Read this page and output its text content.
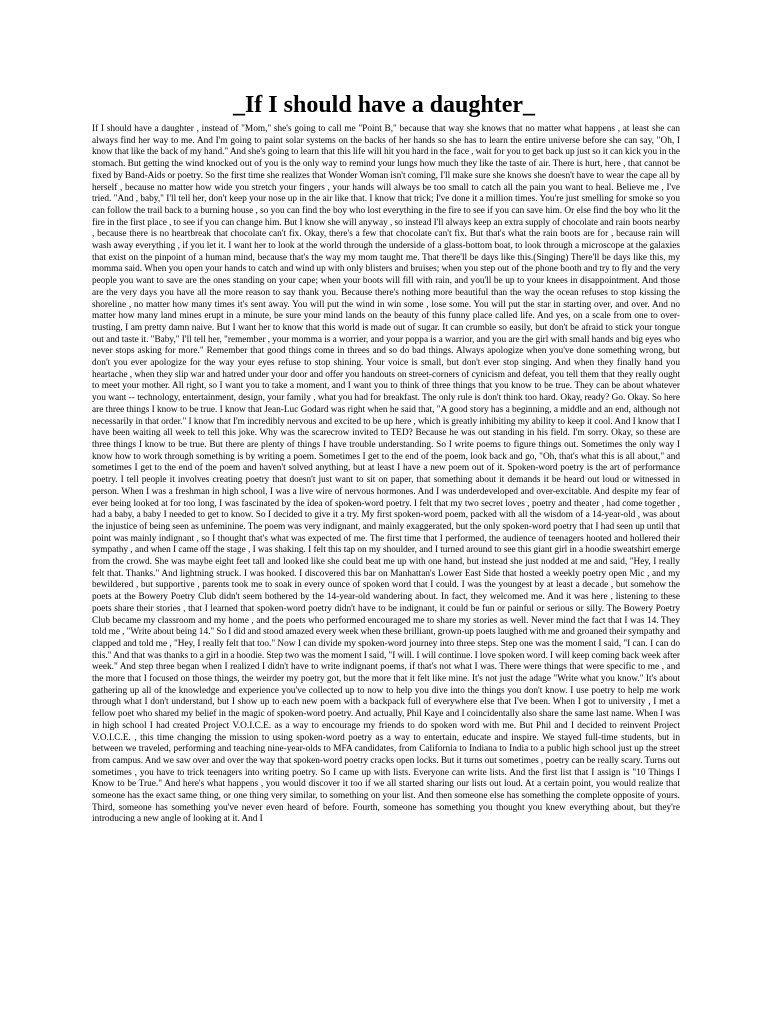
_If I should have a daughter_
If I should have a daughter , instead of "Mom," she's going to call me "Point B," because that way she knows that no matter what happens , at least she can always find her way to me. And I'm going to paint solar systems on the backs of her hands so she has to learn the entire universe before she can say, "Oh, I know that like the back of my hand." And she's going to learn that this life will hit you hard in the face , wait for you to get back up just so it can kick you in the stomach. But getting the wind knocked out of you is the only way to remind your lungs how much they like the taste of air. There is hurt, here , that cannot be fixed by Band-Aids or poetry. So the first time she realizes that Wonder Woman isn't coming, I'll make sure she knows she doesn't have to wear the cape all by herself , because no matter how wide you stretch your fingers , your hands will always be too small to catch all the pain you want to heal. Believe me , I've tried. "And , baby," I'll tell her, don't keep your nose up in the air like that. I know that trick; I've done it a million times. You're just smelling for smoke so you can follow the trail back to a burning house , so you can find the boy who lost everything in the fire to see if you can save him. Or else find the boy who lit the fire in the first place , to see if you can change him. But I know she will anyway , so instead I'll always keep an extra supply of chocolate and rain boots nearby , because there is no heartbreak that chocolate can't fix. Okay, there's a few that chocolate can't fix. But that's what the rain boots are for , because rain will wash away everything , if you let it. I want her to look at the world through the underside of a glass-bottom boat, to look through a microscope at the galaxies that exist on the pinpoint of a human mind, because that's the way my mom taught me. That there'll be days like this.(Singing) There'll be days like this, my momma said. When you open your hands to catch and wind up with only blisters and bruises; when you step out of the phone booth and try to fly and the very people you want to save are the ones standing on your cape; when your boots will fill with rain, and you'll be up to your knees in disappointment. And those are the very days you have all the more reason to say thank you. Because there's nothing more beautiful than the way the ocean refuses to stop kissing the shoreline , no matter how many times it's sent away. You will put the wind in win some , lose some. You will put the star in starting over, and over. And no matter how many land mines erupt in a minute, be sure your mind lands on the beauty of this funny place called life. And yes, on a scale from one to over-trusting, I am pretty damn naive. But I want her to know that this world is made out of sugar. It can crumble so easily, but don't be afraid to stick your tongue out and taste it. "Baby," I'll tell her, "remember , your momma is a worrier, and your poppa is a warrior, and you are the girl with small hands and big eyes who never stops asking for more." Remember that good things come in threes and so do bad things. Always apologize when you've done something wrong, but don't you ever apologize for the way your eyes refuse to stop shining. Your voice is small, but don't ever stop singing. And when they finally hand you heartache , when they slip war and hatred under your door and offer you handouts on street-corners of cynicism and defeat, you tell them that they really ought to meet your mother. All right, so I want you to take a moment, and I want you to think of three things that you know to be true. They can be about whatever you want -- technology, entertainment, design, your family , what you had for breakfast. The only rule is don't think too hard. Okay, ready? Go. Okay. So here are three things I know to be true. I know that Jean-Luc Godard was right when he said that, "A good story has a beginning, a middle and an end, although not necessarily in that order." I know that I'm incredibly nervous and excited to be up here , which is greatly inhibiting my ability to keep it cool. And I know that I have been waiting all week to tell this joke. Why was the scarecrow invited to TED? Because he was out standing in his field. I'm sorry. Okay, so these are three things I know to be true. But there are plenty of things I have trouble understanding. So I write poems to figure things out. Sometimes the only way I know how to work through something is by writing a poem. Sometimes I get to the end of the poem, look back and go, "Oh, that's what this is all about," and sometimes I get to the end of the poem and haven't solved anything, but at least I have a new poem out of it. Spoken-word poetry is the art of performance poetry. I tell people it involves creating poetry that doesn't just want to sit on paper, that something about it demands it be heard out loud or witnessed in person. When I was a freshman in high school, I was a live wire of nervous hormones. And I was underdeveloped and over-excitable. And despite my fear of ever being looked at for too long, I was fascinated by the idea of spoken-word poetry. I felt that my two secret loves , poetry and theater , had come together , had a baby, a baby I needed to get to know. So I decided to give it a try. My first spoken-word poem, packed with all the wisdom of a 14-year-old , was about the injustice of being seen as unfeminine. The poem was very indignant, and mainly exaggerated, but the only spoken-word poetry that I had seen up until that point was mainly indignant , so I thought that's what was expected of me. The first time that I performed, the audience of teenagers hooted and hollered their sympathy , and when I came off the stage , I was shaking. I felt this tap on my shoulder, and I turned around to see this giant girl in a hoodie sweatshirt emerge from the crowd. She was maybe eight feet tall and looked like she could beat me up with one hand, but instead she just nodded at me and said, "Hey, I really felt that. Thanks." And lightning struck. I was hooked. I discovered this bar on Manhattan's Lower East Side that hosted a weekly poetry open Mic , and my bewildered , but supportive , parents took me to soak in every ounce of spoken word that I could. I was the youngest by at least a decade , but somehow the poets at the Bowery Poetry Club didn't seem bothered by the 14-year-old wandering about. In fact, they welcomed me. And it was here , listening to these poets share their stories , that I learned that spoken-word poetry didn't have to be indignant, it could be fun or painful or serious or silly. The Bowery Poetry Club became my classroom and my home , and the poets who performed encouraged me to share my stories as well. Never mind the fact that I was 14. They told me , "Write about being 14." So I did and stood amazed every week when these brilliant, grown-up poets laughed with me and groaned their sympathy and clapped and told me , "Hey, I really felt that too." Now I can divide my spoken-word journey into three steps. Step one was the moment I said, "I can. I can do this." And that was thanks to a girl in a hoodie. Step two was the moment I said, "I will. I will continue. I love spoken word. I will keep coming back week after week." And step three began when I realized I didn't have to write indignant poems, if that's not what I was. There were things that were specific to me , and the more that I focused on those things, the weirder my poetry got, but the more that it felt like mine. It's not just the adage "Write what you know." It's about gathering up all of the knowledge and experience you've collected up to now to help you dive into the things you don't know. I use poetry to help me work through what I don't understand, but I show up to each new poem with a backpack full of everywhere else that I've been. When I got to university , I met a fellow poet who shared my belief in the magic of spoken-word poetry. And actually, Phil Kaye and I coincidentally also share the same last name. When I was in high school I had created Project V.O.I.C.E. as a way to encourage my friends to do spoken word with me. But Phil and I decided to reinvent Project V.O.I.C.E. , this time changing the mission to using spoken-word poetry as a way to entertain, educate and inspire. We stayed full-time students, but in between we traveled, performing and teaching nine-year-olds to MFA candidates, from California to Indiana to India to a public high school just up the street from campus. And we saw over and over the way that spoken-word poetry cracks open locks. But it turns out sometimes , poetry can be really scary. Turns out sometimes , you have to trick teenagers into writing poetry. So I came up with lists. Everyone can write lists. And the first list that I assign is "10 Things I Know to be True." And here's what happens , you would discover it too if we all started sharing our lists out loud. At a certain point, you would realize that someone has the exact same thing, or one thing very similar, to something on your list. And then someone else has something the complete opposite of yours. Third, someone has something you've never even heard of before. Fourth, someone has something you thought you knew everything about, but they're introducing a new angle of looking at it. And I
